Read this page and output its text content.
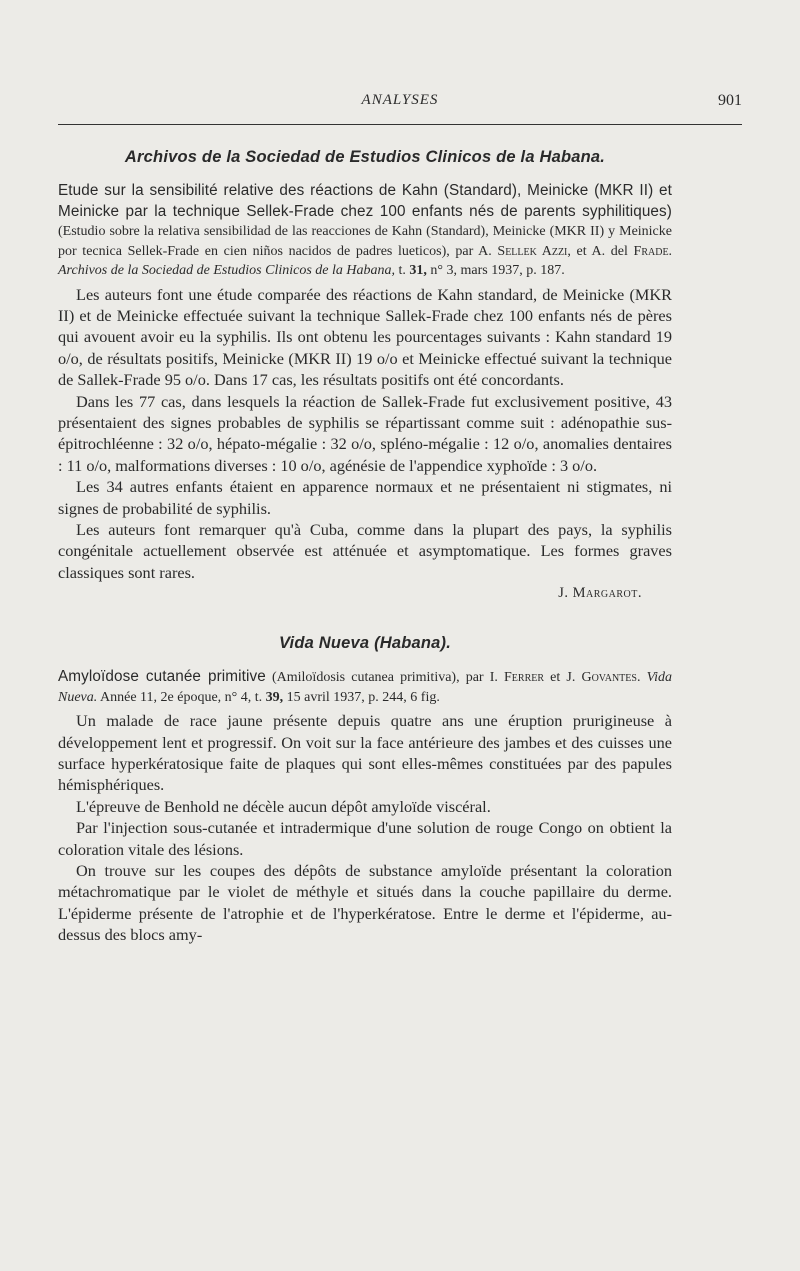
ANALYSES	901
Archivos de la Sociedad de Estudios Clinicos de la Habana.

Etude sur la sensibilité relative des réactions de Kahn (Standard), Meinicke (MKR II) et Meinicke par la technique Sellek-Frade chez 100 enfants nés de parents syphilitiques) (Estudio sobre la relativa sensibilidad de las reacciones de Kahn (Standard), Meinicke (MKR II) y Meinicke por tecnica Sellek-Frade en cien niños nacidos de padres lueticos), par A. Sellek Azzi, et A. del Frade. Archivos de la Sociedad de Estudios Clinicos de la Habana, t. 31, n° 3, mars 1937, p. 187.

Les auteurs font une étude comparée des réactions de Kahn standard, de Meinicke (MKR II) et de Meinicke effectuée suivant la technique Sallek-Frade chez 100 enfants nés de pères qui avouent avoir eu la syphilis. Ils ont obtenu les pourcentages suivants : Kahn standard 19 o/o, de résultats positifs, Meinicke (MKR II) 19 o/o et Meinicke effectué suivant la technique de Sallek-Frade 95 o/o. Dans 17 cas, les résultats positifs ont été concordants.

Dans les 77 cas, dans lesquels la réaction de Sallek-Frade fut exclusivement positive, 43 présentaient des signes probables de syphilis se répartissant comme suit : adénopathie sus-épitrochléenne : 32 o/o, hépato-mégalie : 32 o/o, spléno-mégalie : 12 o/o, anomalies dentaires : 11 o/o, malformations diverses : 10 o/o, agénésie de l'appendice xyphoïde : 3 o/o.

Les 34 autres enfants étaient en apparence normaux et ne présentaient ni stigmates, ni signes de probabilité de syphilis.

Les auteurs font remarquer qu'à Cuba, comme dans la plupart des pays, la syphilis congénitale actuellement observée est atténuée et asymptomatique. Les formes graves classiques sont rares.

J. Margarot.

Vida Nueva (Habana).

Amyloïdose cutanée primitive (Amiloïdosis cutanea primitiva), par I. Ferrer et J. Govantes. Vida Nueva. Année 11, 2e époque, n° 4, t. 39, 15 avril 1937, p. 244, 6 fig.

Un malade de race jaune présente depuis quatre ans une éruption prurigineuse à développement lent et progressif. On voit sur la face antérieure des jambes et des cuisses une surface hyperkératosique faite de plaques qui sont elles-mêmes constituées par des papules hémisphériques.

L'épreuve de Benhold ne décèle aucun dépôt amyloïde viscéral.

Par l'injection sous-cutanée et intradermique d'une solution de rouge Congo on obtient la coloration vitale des lésions.

On trouve sur les coupes des dépôts de substance amyloïde présentant la coloration métachromatique par le violet de méthyle et situés dans la couche papillaire du derme. L'épiderme présente de l'atrophie et de l'hyperkératose. Entre le derme et l'épiderme, au-dessus des blocs amy-
